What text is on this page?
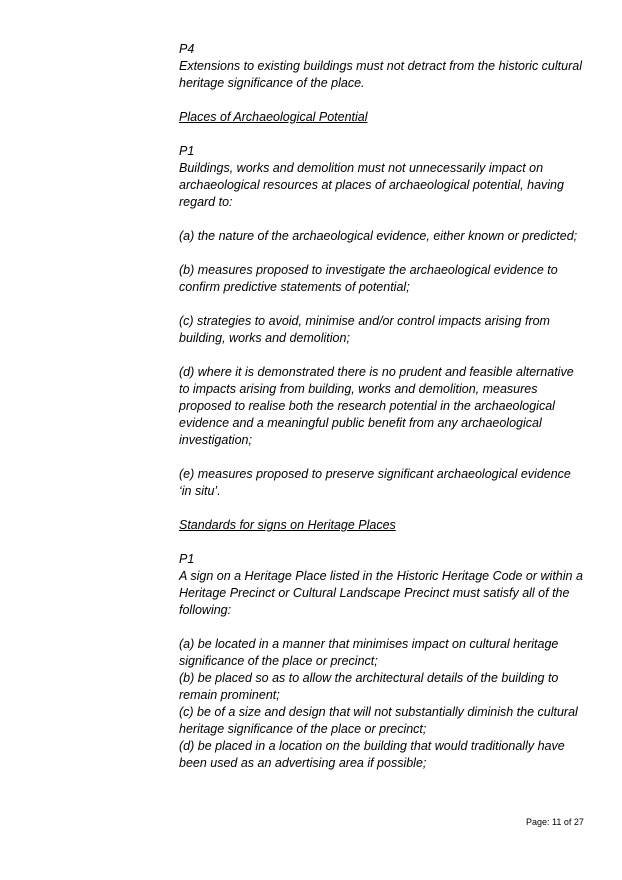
P4

Extensions to existing buildings must not detract from the historic cultural heritage significance of the place.

Places of Archaeological Potential

P1

Buildings, works and demolition must not unnecessarily impact on archaeological resources at places of archaeological potential, having regard to:

(a) the nature of the archaeological evidence, either known or predicted;

(b) measures proposed to investigate the archaeological evidence to confirm predictive statements of potential;

(c) strategies to avoid, minimise and/or control impacts arising from building, works and demolition;

(d) where it is demonstrated there is no prudent and feasible alternative to impacts arising from building, works and demolition, measures proposed to realise both the research potential in the archaeological evidence and a meaningful public benefit from any archaeological investigation;

(e) measures proposed to preserve significant archaeological evidence ‘in situ’.

Standards for signs on Heritage Places

P1

A sign on a Heritage Place listed in the Historic Heritage Code or within a Heritage Precinct or Cultural Landscape Precinct must satisfy all of the following:

(a) be located in a manner that minimises impact on cultural heritage significance of the place or precinct;

(b) be placed so as to allow the architectural details of the building to remain prominent;

(c) be of a size and design that will not substantially diminish the cultural heritage significance of the place or precinct;

(d) be placed in a location on the building that would traditionally have been used as an advertising area if possible;

Page: 11 of 27
